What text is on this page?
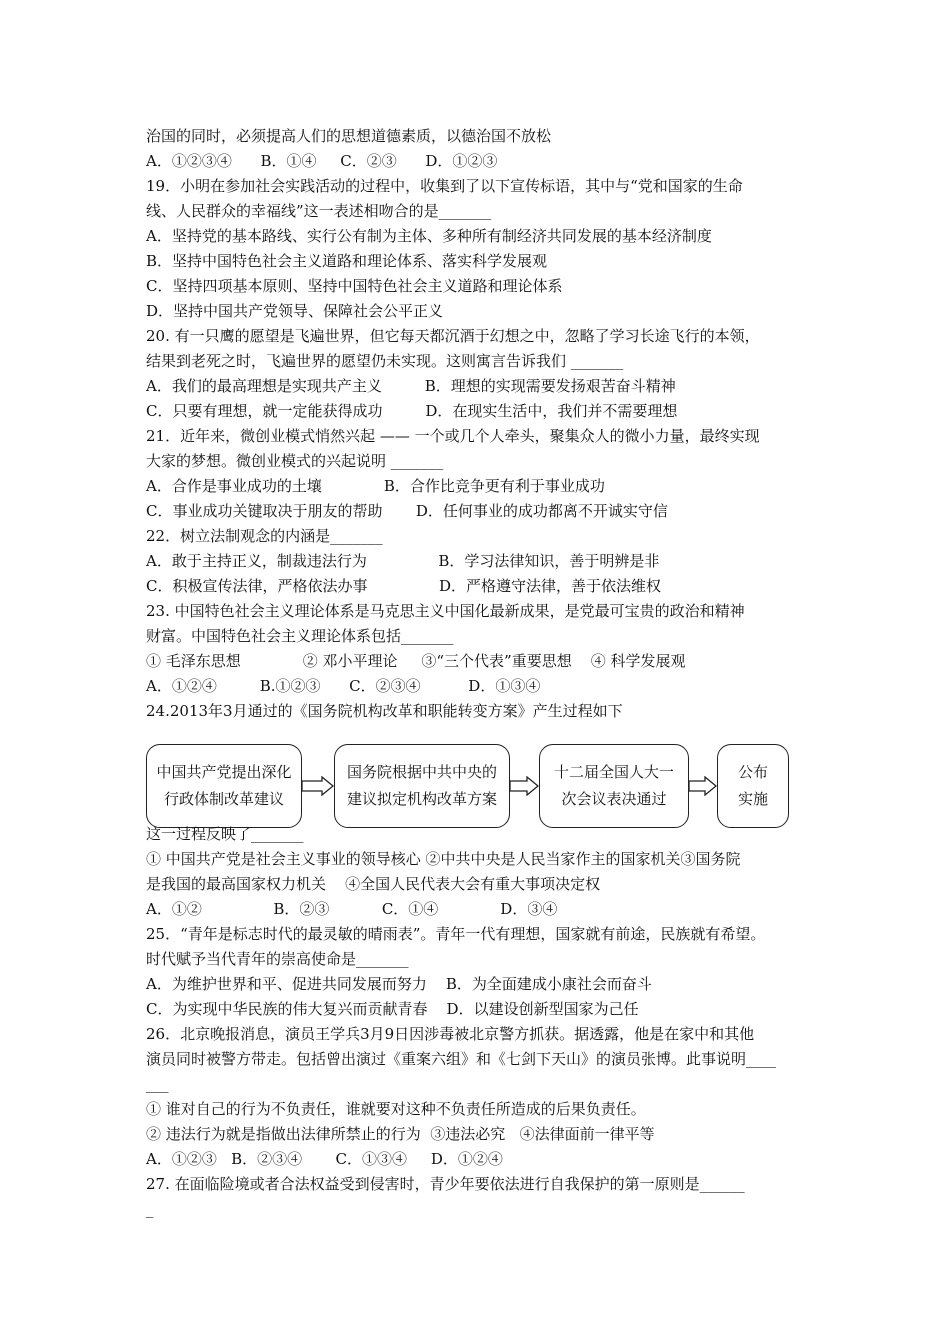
治国的同时，必须提高人们的思想道德素质，以德治国不放松
A．①②③④      B．①④     C．②③      D．①②③
19．小明在参加社会实践活动的过程中，收集到了以下宣传标语，其中与“党和国家的生命
线、人民群众的幸福线”这一表述相吻合的是_______
A．坚持党的基本路线、实行公有制为主体、多种所有制经济共同发展的基本经济制度
B．坚持中国特色社会主义道路和理论体系、落实科学发展观
C．坚持四项基本原则、坚持中国特色社会主义道路和理论体系
D．坚持中国共产党领导、保障社会公平正义
20. 有一只鹰的愿望是飞遍世界，但它每天都沉酒于幻想之中，忽略了学习长途飞行的本领，
结果到老死之时，飞遍世界的愿望仍未实现。这则寓言告诉我们 _______
A．我们的最高理想是实现共产主义         B．理想的实现需要发扬艰苦奋斗精神
C．只要有理想，就一定能获得成功         D．在现实生活中，我们并不需要理想
21．近年来，微创业模式悄然兴起 —— 一个或几个人牵头，聚集众人的微小力量，最终实现
大家的梦想。微创业模式的兴起说明 _______
A．合作是事业成功的土壤             B．合作比竞争更有利于事业成功
C．事业成功关键取决于朋友的帮助       D．任何事业的成功都离不开诚实守信
22．树立法制观念的内涵是_______
A．敢于主持正义，制裁违法行为               B．学习法律知识，善于明辨是非
C．积极宣传法律，严格依法办事               D．严格遵守法律，善于依法维权
23. 中国特色社会主义理论体系是马克思主义中国化最新成果，是党最可宝贵的政治和精神
财富。中国特色社会主义理论体系包括_______
① 毛泽东思想             ② 邓小平理论     ③“三个代表”重要思想    ④ 科学发展观
A．①②④         B.①②③      C．②③④          D．①③④
24.2013年3月通过的《国务院机构改革和职能转变方案》产生过程如下
中国共产党提出深化
行政体制改革建议
国务院根据中共中央的
建议拟定机构改革方案
十二届全国人大一
次会议表决通过
公布
实施
这一过程反映了_______
① 中国共产党是社会主义事业的领导核心 ②中共中央是人民当家作主的国家机关③国务院
是我国的最高国家权力机关    ④全国人民代表大会有重大事项决定权
A．①②               B．②③           C．①④             D．③④
25．“青年是标志时代的最灵敏的晴雨表”。青年一代有理想，国家就有前途，民族就有希望。
时代赋予当代青年的崇高使命是_______
A．为维护世界和平、促进共同发展而努力    B．为全面建成小康社会而奋斗
C．为实现中华民族的伟大复兴而贡献青春    D．以建设创新型国家为己任
26．北京晚报消息，演员王学兵3月9日因涉毒被北京警方抓获。据透露，他是在家中和其他
演员同时被警方带走。包括曾出演过《重案六组》和《七剑下天山》的演员张博。此事说明____
___
① 谁对自己的行为不负责任，谁就要对这种不负责任所造成的后果负责任。
② 违法行为就是指做出法律所禁止的行为  ③违法必究   ④法律面前一律平等
A．①②③   B．②③④       C．①③④     D．①②④
27. 在面临险境或者合法权益受到侵害时，青少年要依法进行自我保护的第一原则是______
_
